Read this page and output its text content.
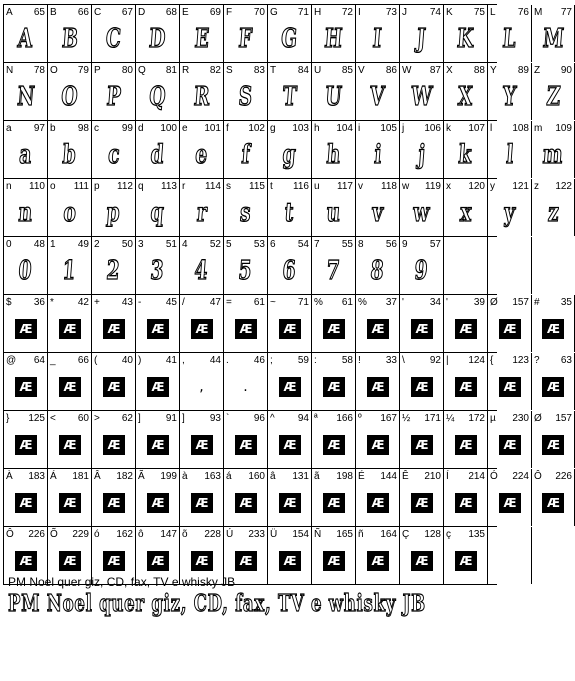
A 65
A
B 66
B
C 67
C
D 68
D
E 69
E
F 70
F
G 71
G
H 72
H
I	73
I
J 74
J
K 75
K
L 76
L
M 77
M
N 78
N
O 79
O
P 80
P
Q 81
Q
R 82
R
S 83
S
T 84
T
U 85
U
V 86
V
W 87
W
X 88
X
Y 89
Y
Z 90
Z
a 97
a
b 98
b
c 99
c
d 100
d
e 101
e
f 102
f
g 103
g
h 104
h
i 105
i
j 106
j
k 107
k
l 108
l
m 109
m
n 110
n
o 111
o
p 112
p
q 113
q
r 114
r
s 115
s
t 116
t
u 117
u
v 118
v
w 119
w
x 120
x
y 121
y
z 122
z
0 48
0
1 49
1
2 50
2
3 51
3
4 52
4
5 53
5
6 54
6
7 55
7
8 56
8
9 57
9
$ 36
Æ
* 42
Æ
+ 43
Æ
- 45
Æ
/	47
Æ
= 61
Æ
~ 71
Æ
% 61
Æ
% 37
Æ
'	34
Æ
'	39
Æ
Ø 157
Æ
# 35
Æ
@ 64
Æ
_ 66
Æ
( 40
Æ
) 41
Æ
,	44
,
.	46
.
;	59
Æ
:	58
Æ
!	33
Æ
\	92
Æ
| 124
Æ
{ 123
Æ
? 63
Æ
} 125
Æ
< 60
Æ
> 62
Æ
]	91
Æ
]	93
Æ
` 96
Æ
^ 94
Æ
ª 166
Æ
º 167
Æ
½ 171
Æ
¼ 172
Æ
µ 230
Æ
Ø 157
Æ
À 183
Æ
Á 181
Æ
Â 182
Æ
Ã 199
Æ
à 163
Æ
á 160
Æ
â 131
Æ
ã 198
Æ
É 144
Æ
Ê 210
Æ
Í 214
Æ
Ó 224
Æ
Ô 226
Æ
Ô 226
Æ
Õ 229
Æ
ó 162
Æ
ô 147
Æ
õ 228
Æ
Ú 233
Æ
Ü 154
Æ
Ñ 165
Æ
ñ 164
Æ
Ç 128
Æ
ç 135
Æ
PM Noel quer giz, CD, fax, TV e whisky JB
PM Noel quer giz, CD, fax, TV e whisky JB
